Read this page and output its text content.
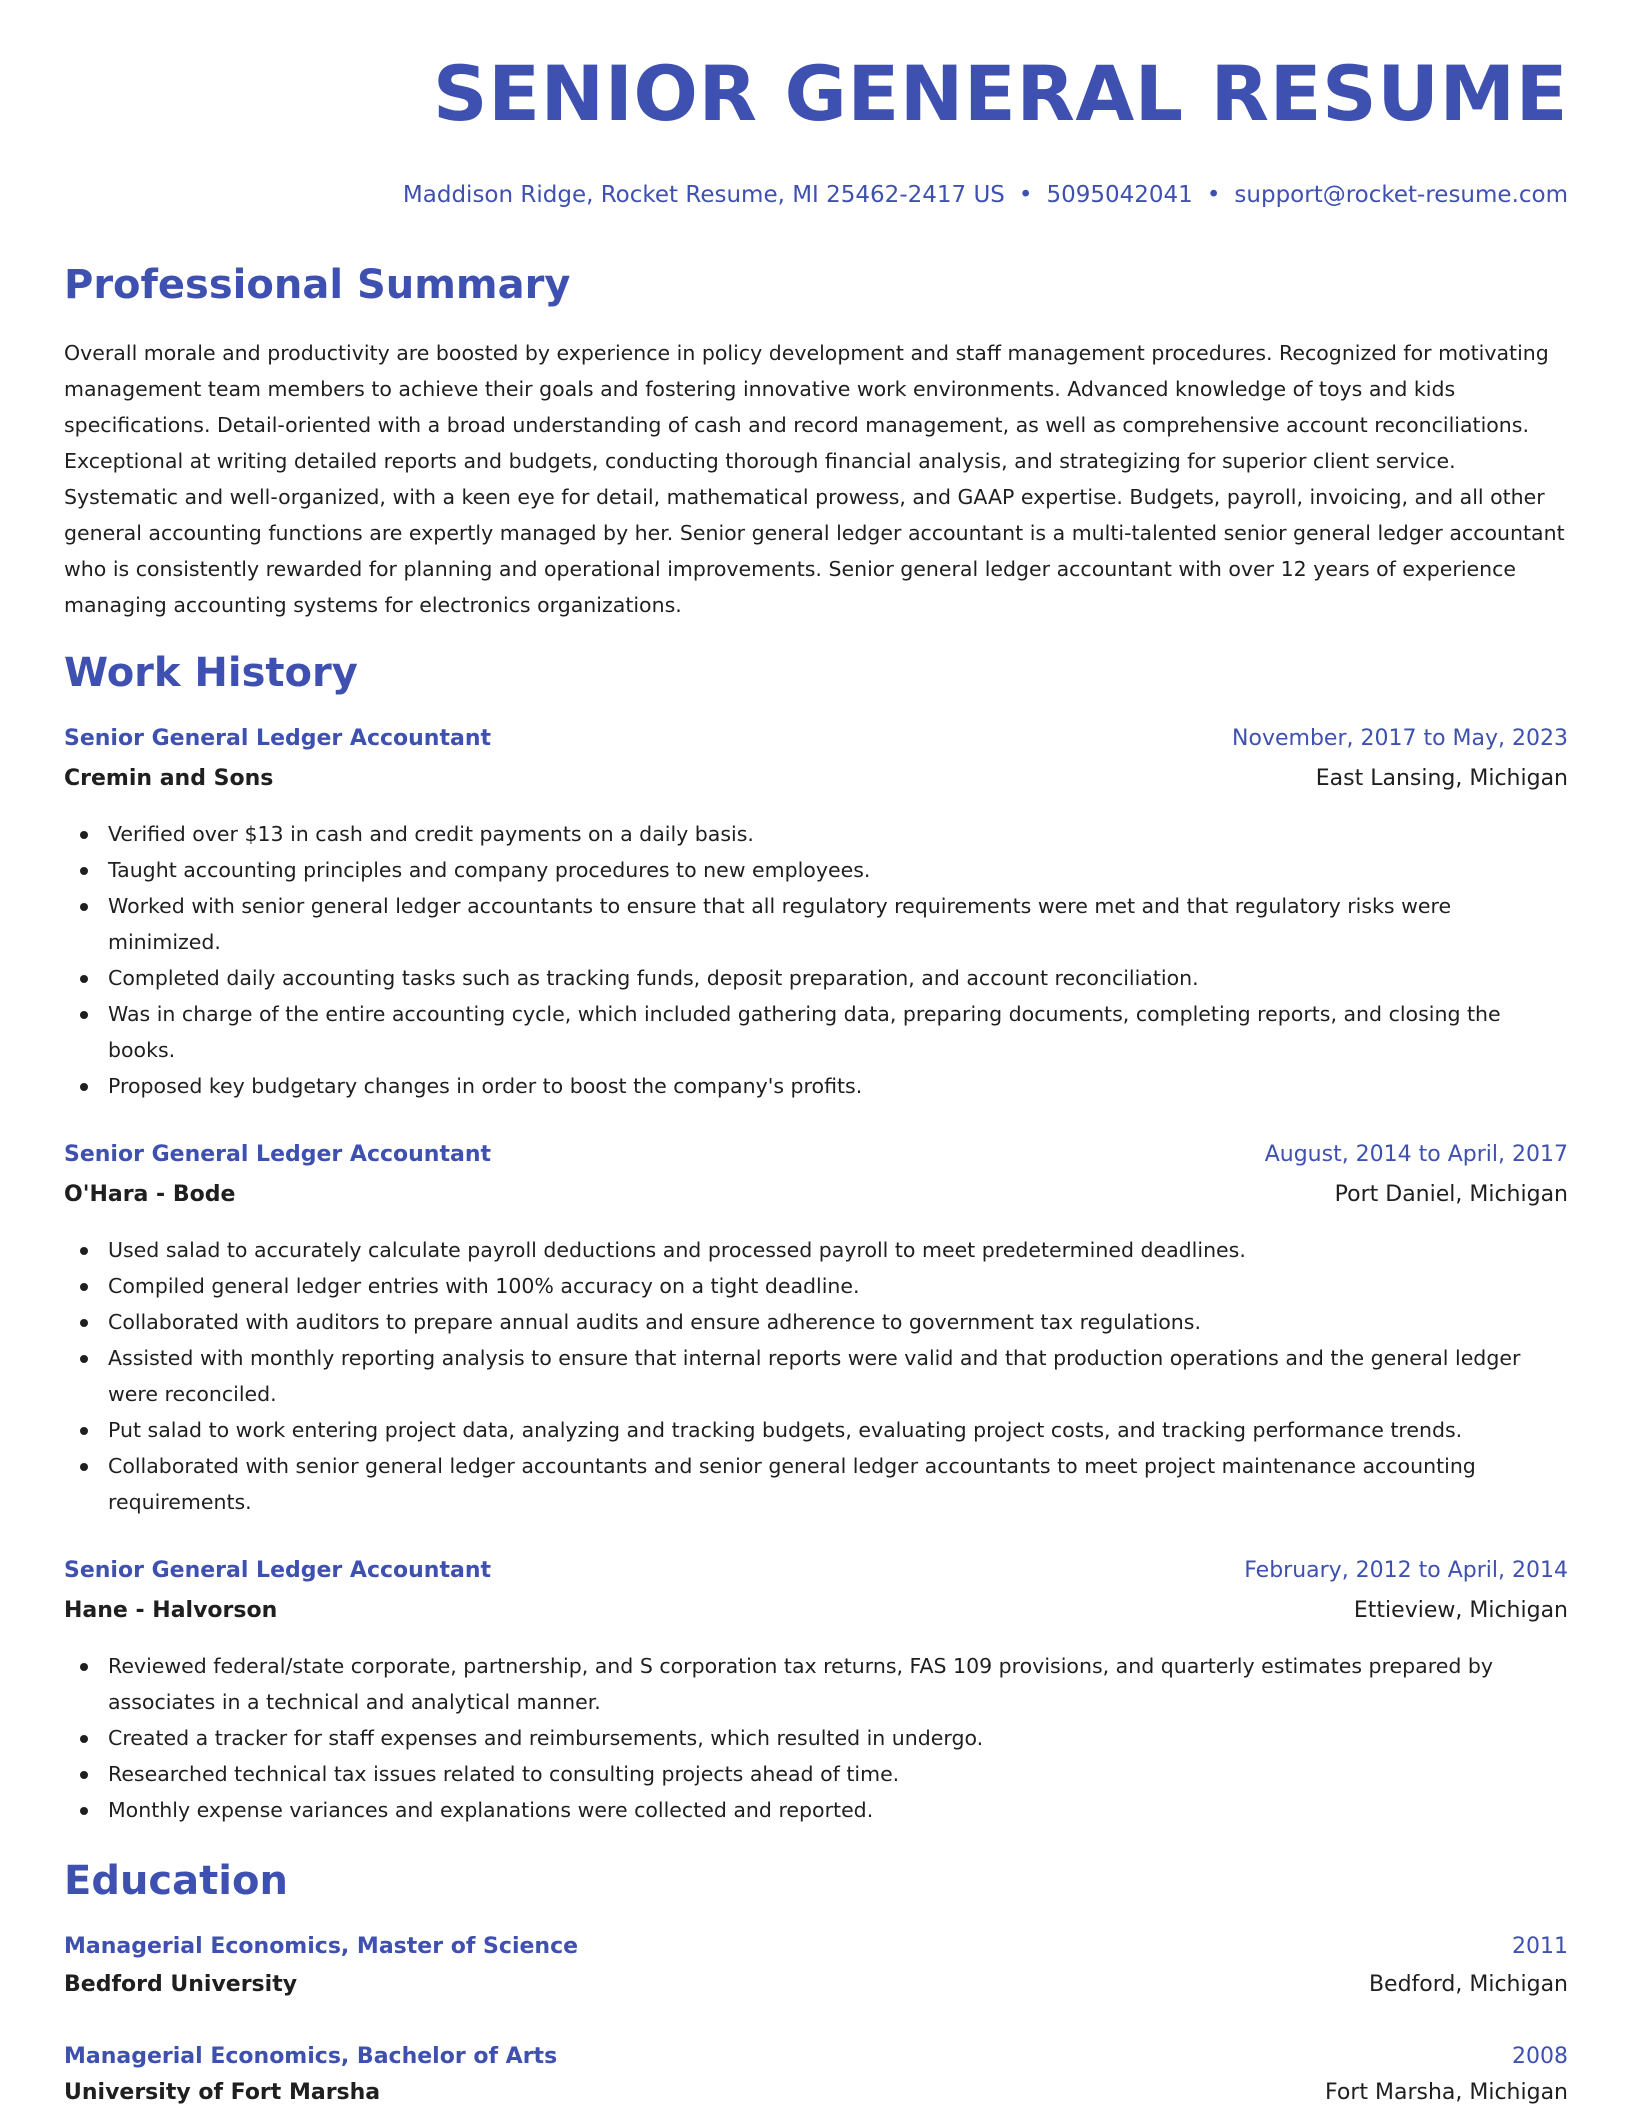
SENIOR GENERAL RESUME
Maddison Ridge, Rocket Resume, MI 25462-2417 US • 5095042041 • support@rocket-resume.com
Professional Summary

Overall morale and productivity are boosted by experience in policy development and staff management procedures. Recognized for motivating management team members to achieve their goals and fostering innovative work environments. Advanced knowledge of toys and kids specifications. Detail-oriented with a broad understanding of cash and record management, as well as comprehensive account reconciliations. Exceptional at writing detailed reports and budgets, conducting thorough financial analysis, and strategizing for superior client service. Systematic and well-organized, with a keen eye for detail, mathematical prowess, and GAAP expertise. Budgets, payroll, invoicing, and all other general accounting functions are expertly managed by her. Senior general ledger accountant is a multi-talented senior general ledger accountant who is consistently rewarded for planning and operational improvements. Senior general ledger accountant with over 12 years of experience managing accounting systems for electronics organizations.

Work History
Senior General Ledger Accountant	November, 2017 to May, 2023
Cremin and Sons	East Lansing, Michigan
Verified over $13 in cash and credit payments on a daily basis.
Taught accounting principles and company procedures to new employees.
Worked with senior general ledger accountants to ensure that all regulatory requirements were met and that regulatory risks were minimized.
Completed daily accounting tasks such as tracking funds, deposit preparation, and account reconciliation.
Was in charge of the entire accounting cycle, which included gathering data, preparing documents, completing reports, and closing the books.
Proposed key budgetary changes in order to boost the company's profits.
Senior General Ledger Accountant	August, 2014 to April, 2017
O'Hara - Bode	Port Daniel, Michigan
Used salad to accurately calculate payroll deductions and processed payroll to meet predetermined deadlines.
Compiled general ledger entries with 100% accuracy on a tight deadline.
Collaborated with auditors to prepare annual audits and ensure adherence to government tax regulations.
Assisted with monthly reporting analysis to ensure that internal reports were valid and that production operations and the general ledger were reconciled.
Put salad to work entering project data, analyzing and tracking budgets, evaluating project costs, and tracking performance trends.
Collaborated with senior general ledger accountants and senior general ledger accountants to meet project maintenance accounting requirements.
Senior General Ledger Accountant	February, 2012 to April, 2014
Hane - Halvorson	Ettieview, Michigan
Reviewed federal/state corporate, partnership, and S corporation tax returns, FAS 109 provisions, and quarterly estimates prepared by associates in a technical and analytical manner.
Created a tracker for staff expenses and reimbursements, which resulted in undergo.
Researched technical tax issues related to consulting projects ahead of time.
Monthly expense variances and explanations were collected and reported.
Education
Managerial Economics, Master of Science	2011
Bedford University	Bedford, Michigan
Managerial Economics, Bachelor of Arts	2008
University of Fort Marsha	Fort Marsha, Michigan
